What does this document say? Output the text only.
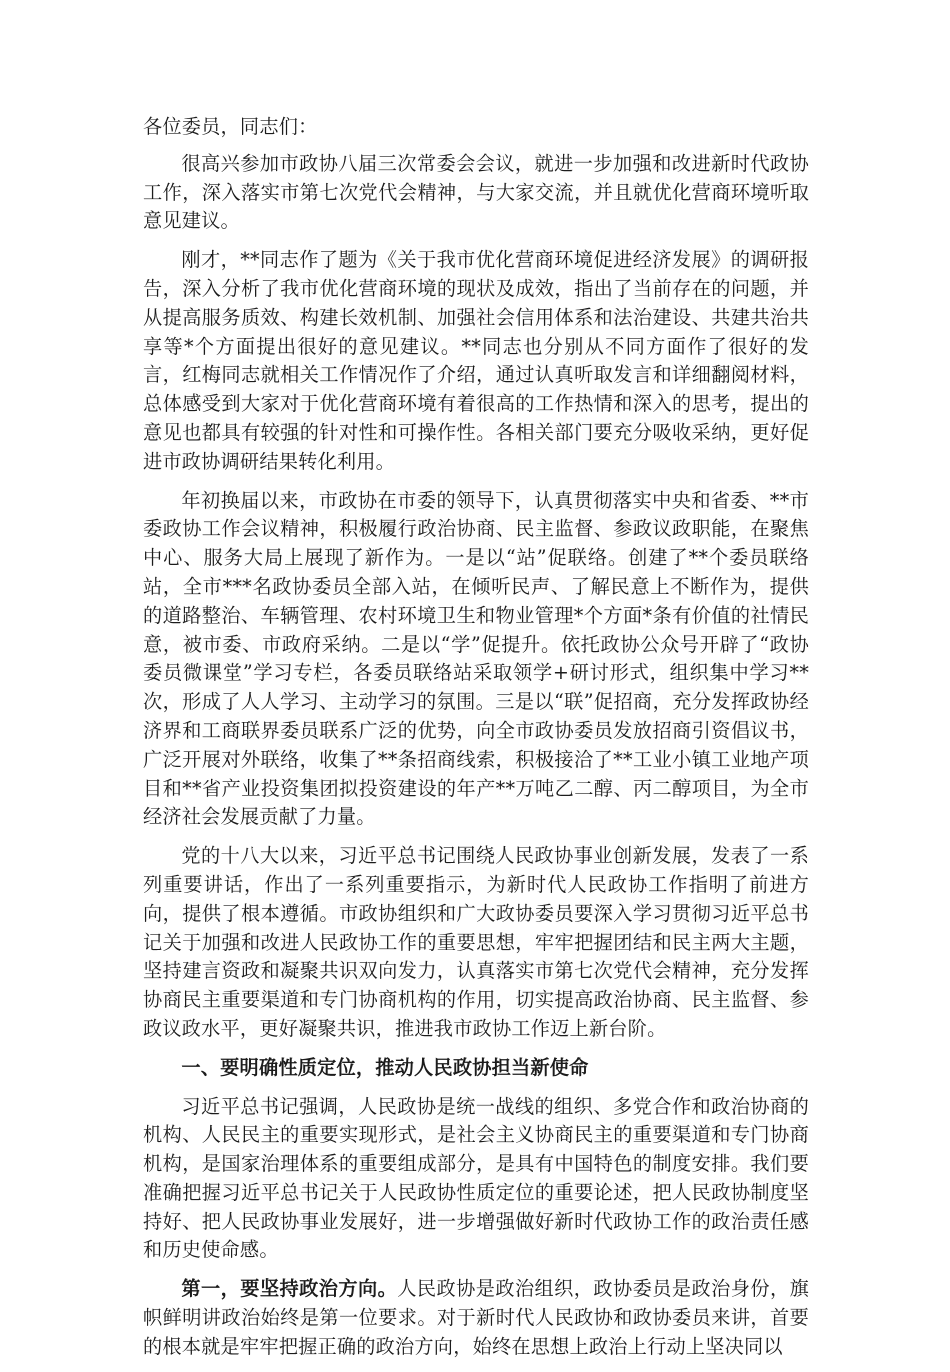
各位委员，同志们：

很高兴参加市政协八届三次常委会会议，就进一步加强和改进新时代政协工作，深入落实市第七次党代会精神，与大家交流，并且就优化营商环境听取意见建议。

刚才，**同志作了题为《关于我市优化营商环境促进经济发展》的调研报告，深入分析了我市优化营商环境的现状及成效，指出了当前存在的问题，并从提高服务质效、构建长效机制、加强社会信用体系和法治建设、共建共治共享等*个方面提出很好的意见建议。**同志也分别从不同方面作了很好的发言，红梅同志就相关工作情况作了介绍，通过认真听取发言和详细翻阅材料，总体感受到大家对于优化营商环境有着很高的工作热情和深入的思考，提出的意见也都具有较强的针对性和可操作性。各相关部门要充分吸收采纳，更好促进市政协调研结果转化利用。

年初换届以来，市政协在市委的领导下，认真贯彻落实中央和省委、**市委政协工作会议精神，积极履行政治协商、民主监督、参政议政职能，在聚焦中心、服务大局上展现了新作为。一是以“站”促联络。创建了**个委员联络站，全市***名政协委员全部入站，在倾听民声、了解民意上不断作为，提供的道路整治、车辆管理、农村环境卫生和物业管理*个方面*条有价值的社情民意，被市委、市政府采纳。二是以“学”促提升。依托政协公众号开辟了“政协委员微课堂”学习专栏，各委员联络站采取领学+研讨形式，组织集中学习**次，形成了人人学习、主动学习的氛围。三是以“联”促招商，充分发挥政协经济界和工商联界委员联系广泛的优势，向全市政协委员发放招商引资倡议书，广泛开展对外联络，收集了**条招商线索，积极接洽了**工业小镇工业地产项目和**省产业投资集团拟投资建设的年产**万吨乙二醇、丙二醇项目，为全市经济社会发展贡献了力量。

党的十八大以来，习近平总书记围绕人民政协事业创新发展，发表了一系列重要讲话，作出了一系列重要指示，为新时代人民政协工作指明了前进方向，提供了根本遵循。市政协组织和广大政协委员要深入学习贯彻习近平总书记关于加强和改进人民政协工作的重要思想，牢牢把握团结和民主两大主题，坚持建言资政和凝聚共识双向发力，认真落实市第七次党代会精神，充分发挥协商民主重要渠道和专门协商机构的作用，切实提高政治协商、民主监督、参政议政水平，更好凝聚共识，推进我市政协工作迈上新台阶。

一、要明确性质定位，推动人民政协担当新使命

习近平总书记强调，人民政协是统一战线的组织、多党合作和政治协商的机构、人民民主的重要实现形式，是社会主义协商民主的重要渠道和专门协商机构，是国家治理体系的重要组成部分，是具有中国特色的制度安排。我们要准确把握习近平总书记关于人民政协性质定位的重要论述，把人民政协制度坚持好、把人民政协事业发展好，进一步增强做好新时代政协工作的政治责任感和历史使命感。

第一，要坚持政治方向。人民政协是政治组织，政协委员是政治身份，旗帜鲜明讲政治始终是第一位要求。对于新时代人民政协和政协委员来讲，首要的根本就是牢牢把握正确的政治方向，始终在思想上政治上行动上坚决同以
